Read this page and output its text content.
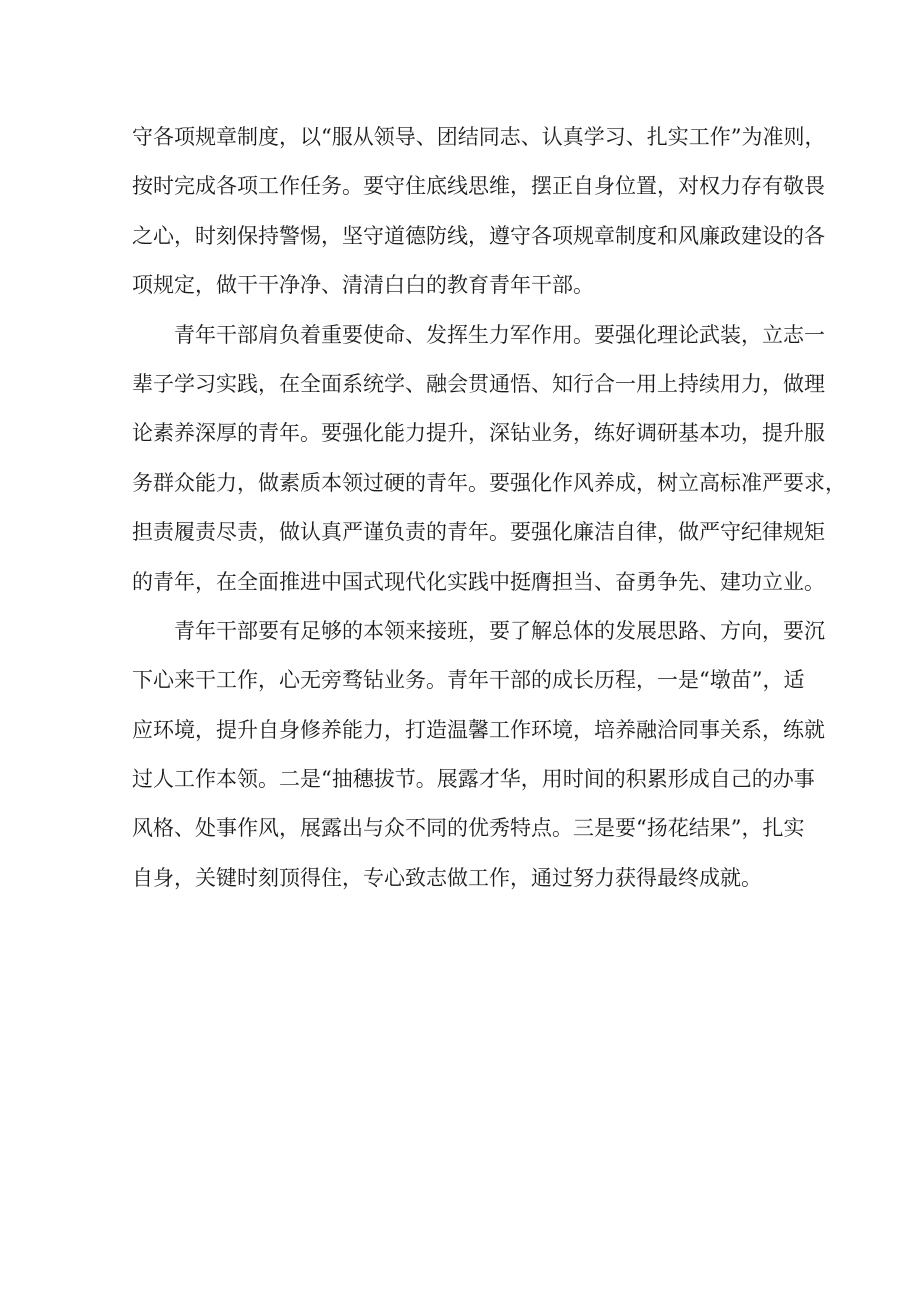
守各项规章制度，以“服从领导、团结同志、认真学习、扎实工作”为准则，
按时完成各项工作任务。要守住底线思维，摆正自身位置，对权力存有敬畏
之心，时刻保持警惕，坚守道德防线，遵守各项规章制度和风廉政建设的各
项规定，做干干净净、清清白白的教育青年干部。

青年干部肩负着重要使命、发挥生力军作用。要强化理论武装，立志一
辈子学习实践，在全面系统学、融会贯通悟、知行合一用上持续用力，做理
论素养深厚的青年。要强化能力提升，深钻业务，练好调研基本功，提升服
务群众能力，做素质本领过硬的青年。要强化作风养成，树立高标准严要求，
担责履责尽责，做认真严谨负责的青年。要强化廉洁自律，做严守纪律规矩
的青年，在全面推进中国式现代化实践中挺膺担当、奋勇争先、建功立业。

青年干部要有足够的本领来接班，要了解总体的发展思路、方向，要沉
下心来干工作，心无旁骛钻业务。青年干部的成长历程，一是“墩苗”，适
应环境，提升自身修养能力，打造温馨工作环境，培养融洽同事关系，练就
过人工作本领。二是“抽穗拔节。展露才华，用时间的积累形成自己的办事
风格、处事作风，展露出与众不同的优秀特点。三是要“扬花结果”，扎实
自身，关键时刻顶得住，专心致志做工作，通过努力获得最终成就。
